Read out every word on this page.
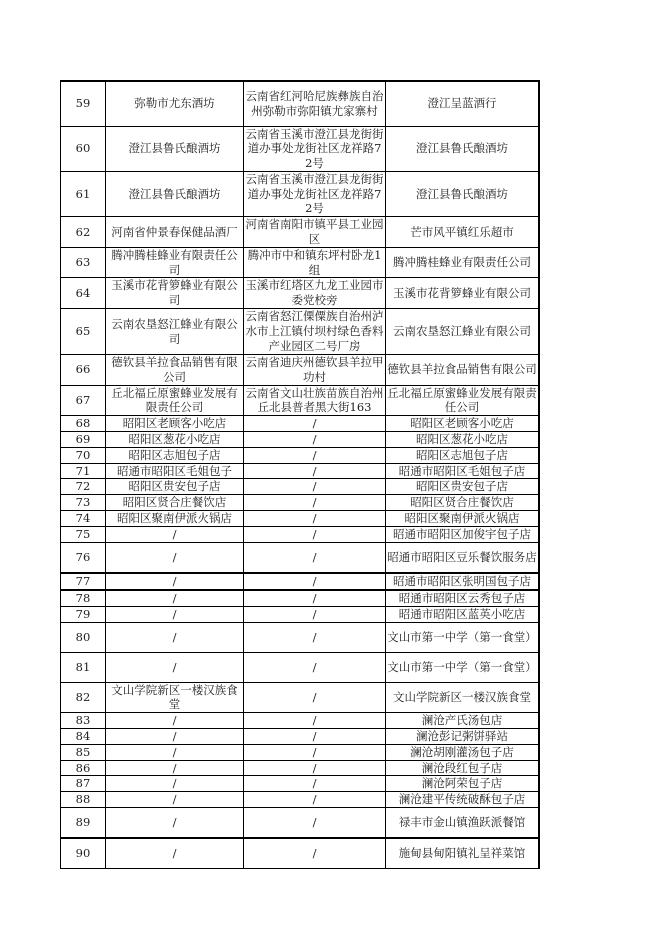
59	弥勒市尤东酒坊	云南省红河哈尼族彝族自治州弥勒市弥阳镇尤家寨村	澄江呈蓝酒行
60	澄江县鲁氏酿酒坊	云南省玉溪市澄江县龙街街道办事处龙街社区龙祥路72号	澄江县鲁氏酿酒坊
61	澄江县鲁氏酿酒坊	云南省玉溪市澄江县龙街街道办事处龙街社区龙祥路72号	澄江县鲁氏酿酒坊
62	河南省仲景春保健品酒厂	河南省南阳市镇平县工业园区	芒市风平镇红乐超市
63	腾冲腾桂蜂业有限责任公司	腾冲市中和镇东坪村卧龙1组	腾冲腾桂蜂业有限责任公司
64	玉溪市花背箩蜂业有限公司	玉溪市红塔区九龙工业园市委党校旁	玉溪市花背箩蜂业有限公司
65	云南农垦怒江蜂业有限公司	云南省怒江傈僳族自治州泸水市上江镇付坝村绿色香料产业园区二号厂房	云南农垦怒江蜂业有限公司
66	德钦县羊拉食品销售有限公司	云南省迪庆州德钦县羊拉甲功村	德钦县羊拉食品销售有限公司
67	丘北福丘原蜜蜂业发展有限责任公司	云南省文山壮族苗族自治州丘北县普者黑大街163	丘北福丘原蜜蜂业发展有限责任公司
68	昭阳区老顾客小吃店	/	昭阳区老顾客小吃店
69	昭阳区葱花小吃店	/	昭阳区葱花小吃店
70	昭阳区志旭包子店	/	昭阳区志旭包子店
71	昭通市昭阳区毛姐包子	/	昭通市昭阳区毛姐包子店
72	昭阳区贵安包子店	/	昭阳区贵安包子店
73	昭阳区贤合庄餐饮店	/	昭阳区贤合庄餐饮店
74	昭阳区聚南伊派火锅店	/	昭阳区聚南伊派火锅店
75	/	/	昭通市昭阳区加俊宇包子店
76	/	/	昭通市昭阳区豆乐餐饮服务店
77	/	/	昭通市昭阳区张明国包子店
78	/	/	昭通市昭阳区云秀包子店
79	/	/	昭通市昭阳区蓝英小吃店
80	/	/	文山市第一中学（第一食堂）
81	/	/	文山市第一中学（第一食堂）
82	文山学院新区一楼汉族食堂	/	文山学院新区一楼汉族食堂
83	/	/	澜沧产氏汤包店
84	/	/	澜沧彭记粥饼驿站
85	/	/	澜沧胡刚灌汤包子店
86	/	/	澜沧段红包子店
87	/	/	澜沧阿荣包子店
88	/	/	澜沧建平传统破酥包子店
89	/	/	禄丰市金山镇渔跃派餐馆
90	/	/	施甸县甸阳镇礼呈祥菜馆
